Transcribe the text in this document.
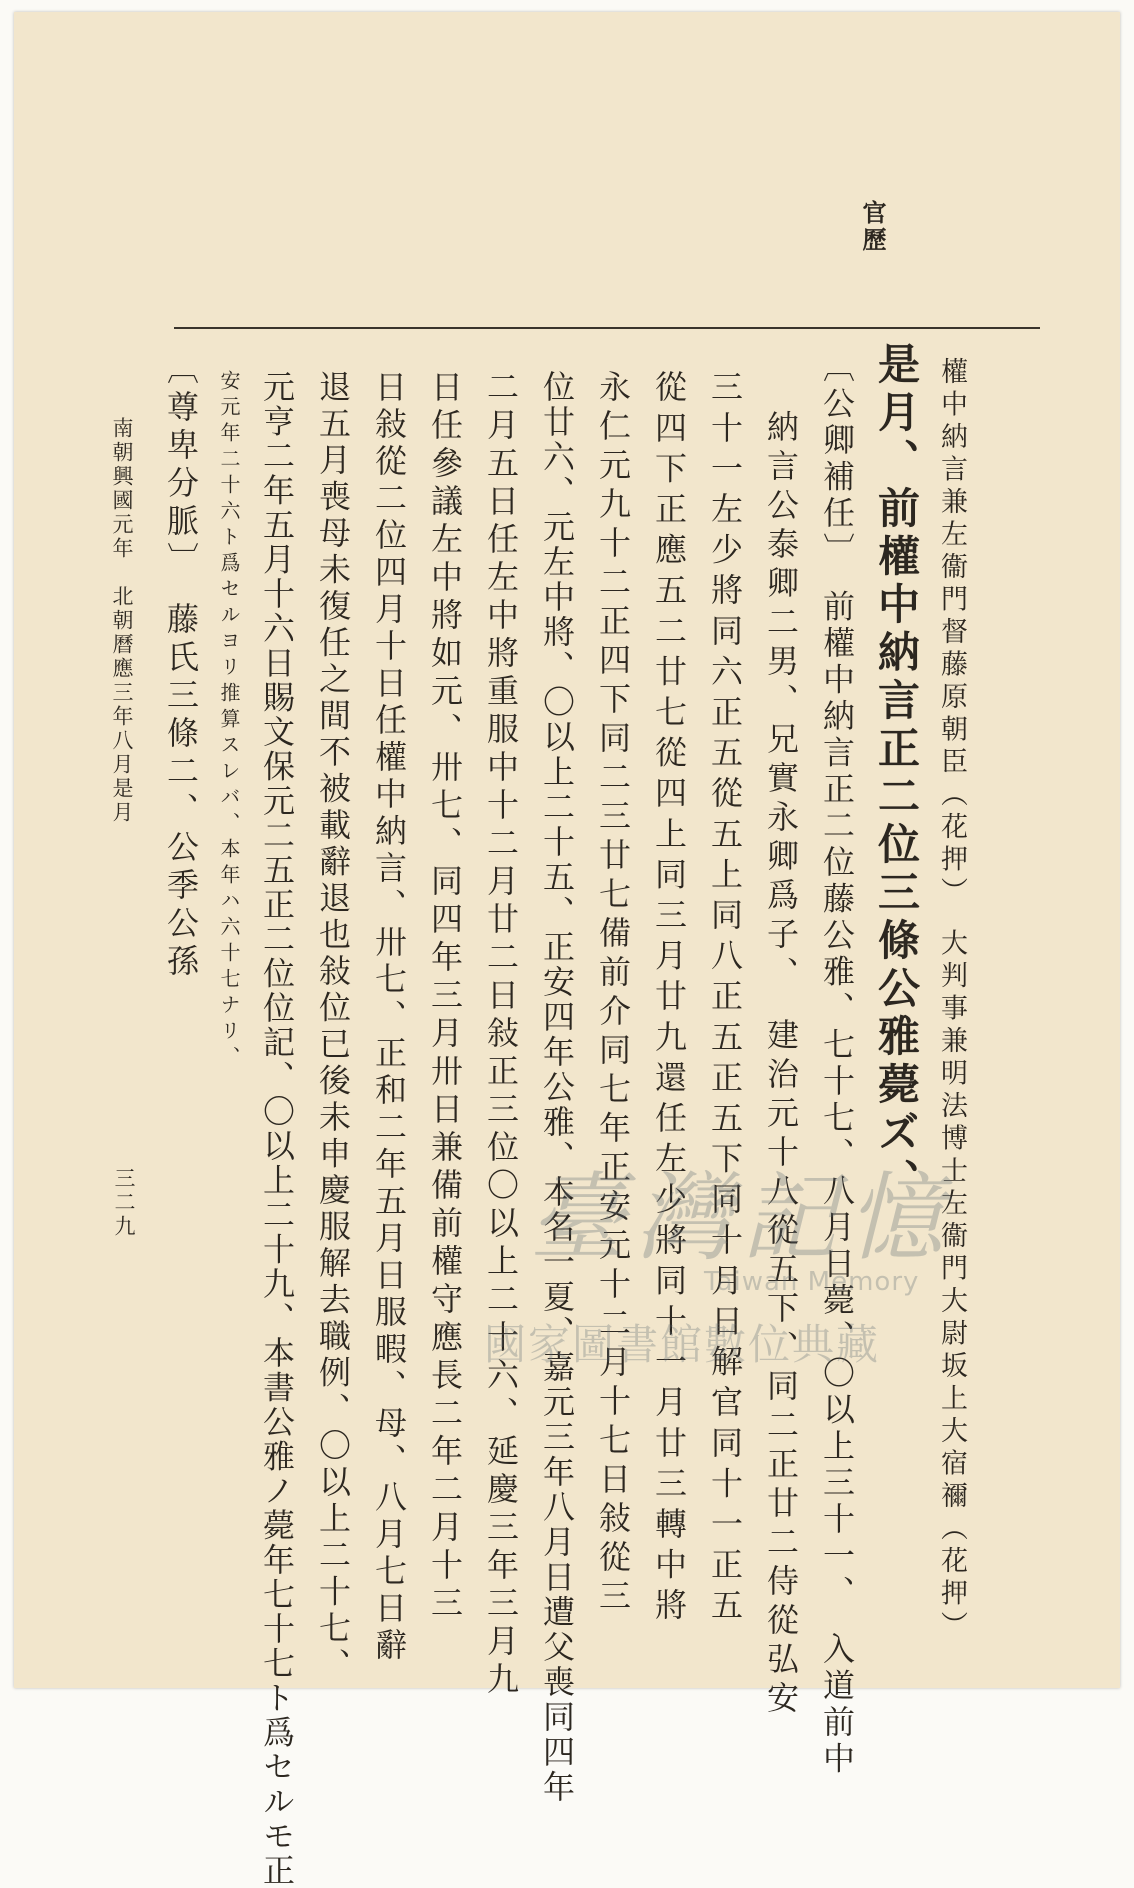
官歷
權中納言兼左衞門督藤原朝臣（花押）　大判事兼明法博士左衞門大尉坂上大宿禰（花押）
是月、前權中納言正二位三條公雅薨ズ、
〔公卿補任〕　前權中納言正二位藤公雅、七十七、八月日薨、〇以上三十一、　入道前中
納言公泰卿二男、兄實永卿爲子、　建治元十八從五下、同二正廿二侍從弘安
三十一左少將同六正五從五上同八正五正五下同十月日解官同十一正五
從四下正應五二廿七從四上同三月廿九還任左少將同十一月廿三轉中將
永仁元九十二正四下同二三廿七備前介同七年正安元十二月十七日敍從三
位廿六、元左中將、〇以上二十五、正安四年公雅、本名一夏、嘉元三年八月日遭父喪同四年
二月五日任左中將重服中十二月廿二日敍正三位〇以上二十六、延慶三年三月九
日任參議左中將如元、卅七、同四年三月卅日兼備前權守應長二年二月十三
日敍從二位四月十日任權中納言、卅七、正和二年五月日服暇、母、八月七日辭
退五月喪母未復任之間不被載辭退也敍位已後未申慶服解去職例、〇以上二十七、
元亨二年五月十六日賜文保元二五正二位位記、〇以上二十九、本書公雅ノ薨年七十七ト爲セルモ正
安元年二十六ト爲セルヨリ推算スレバ、本年ハ六十七ナリ、
〔尊卑分脈〕　藤氏三條二、公季公孫
南朝興國元年　北朝曆應三年八月是月
三二九	臺灣記憶
Taiwan Memory
國家圖書館數位典藏
